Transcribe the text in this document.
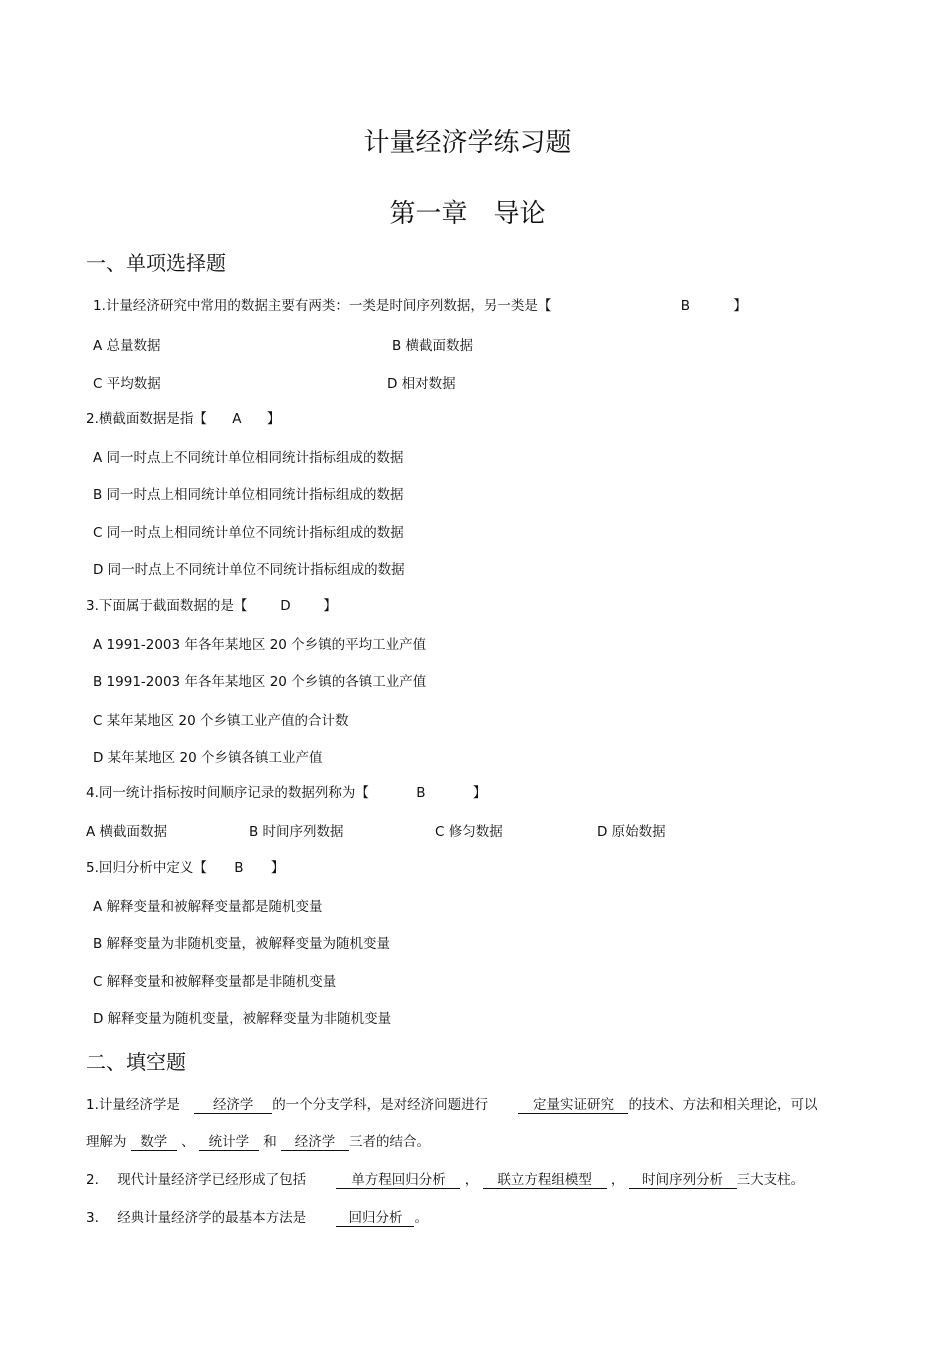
计量经济学练习题
第一章　导论
一、单项选择题
1.计量经济研究中常用的数据主要有两类：一类是时间序列数据，另一类是【	B	】
A 总量数据	B 横截面数据
C 平均数据	D 相对数据
2.横截面数据是指【 A 】
A 同一时点上不同统计单位相同统计指标组成的数据
B 同一时点上相同统计单位相同统计指标组成的数据
C 同一时点上相同统计单位不同统计指标组成的数据
D 同一时点上不同统计单位不同统计指标组成的数据
3.下面属于截面数据的是【 D 】
A 1991-2003 年各年某地区 20 个乡镇的平均工业产值
B 1991-2003 年各年某地区 20 个乡镇的各镇工业产值
C 某年某地区 20 个乡镇工业产值的合计数
D 某年某地区 20 个乡镇各镇工业产值
4.同一统计指标按时间顺序记录的数据列称为【	B	】
A 横截面数据	B 时间序列数据	C 修匀数据	D 原始数据
5.回归分析中定义【 B 】
A 解释变量和被解释变量都是随机变量
B 解释变量为非随机变量，被解释变量为随机变量
C 解释变量和被解释变量都是非随机变量
D 解释变量为随机变量，被解释变量为非随机变量
二、填空题
1.计量经济学是 经济学 的一个分支学科，是对经济问题进行	定量实证研究 的技术、方法和相关理论，可以
理解为 数学 、 统计学 和 经济学 三者的结合。
2. 现代计量经济学已经形成了包括	单方程回归分析 ， 联立方程组模型 ， 时间序列分析 三大支柱。
3. 经典计量经济学的最基本方法是	回归分析 。
